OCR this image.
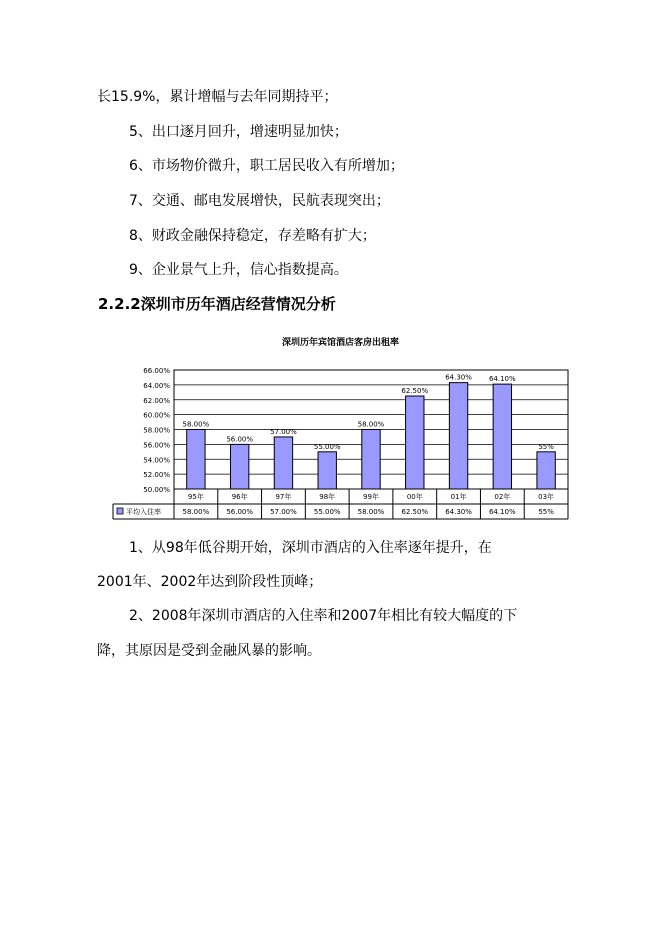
长15.9%，累计增幅与去年同期持平；
5、出口逐月回升，增速明显加快；
6、市场物价微升，职工居民收入有所增加；
7、交通、邮电发展增快，民航表现突出；
8、财政金融保持稳定，存差略有扩大；
9、企业景气上升，信心指数提高。
2.2.2深圳市历年酒店经营情况分析
深圳历年宾馆酒店客房出租率
66.00%
64.00%
62.00%
60.00%
58.00%
56.00%
54.00%
52.00%
50.00%
58.00%
56.00%
57.00%
55.00%
58.00%
62.50%
64.30% 64.10%
55%
95年
58.00%
96年
56.00%
97年
57.00%
98年
55.00%
99年
58.00%
00年
62.50%
01年
64.30%
02年
64.10%
03年
55%
平均入住率
1、从98年低谷期开始，深圳市酒店的入住率逐年提升，在
2001年、2002年达到阶段性顶峰；
2、2008年深圳市酒店的入住率和2007年相比有较大幅度的下
降，其原因是受到金融风暴的影响。
